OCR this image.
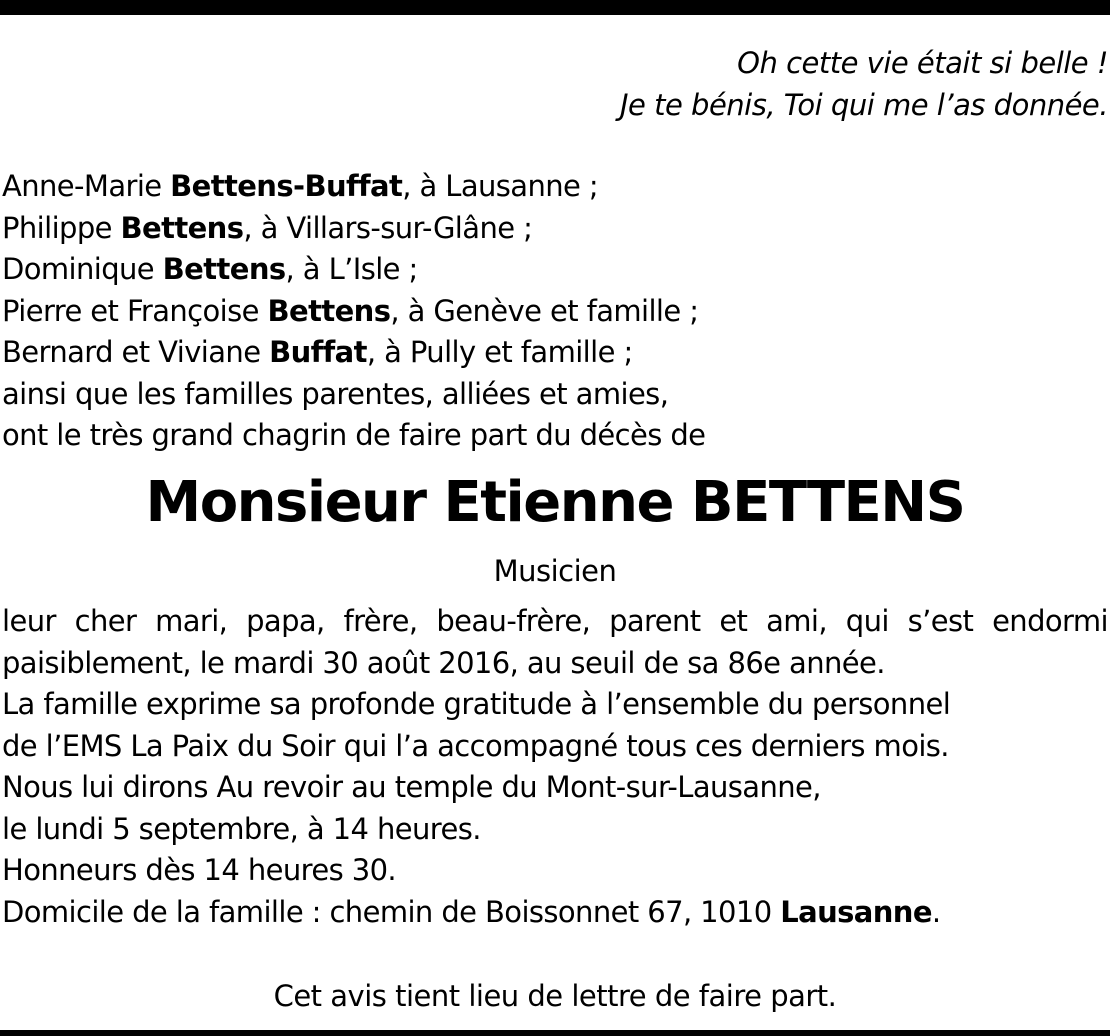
Oh cette vie était si belle !
Je te bénis, Toi qui me l’as donnée.
Anne-Marie Bettens-Buffat, à Lausanne ;
Philippe Bettens, à Villars-sur-Glâne ;
Dominique Bettens, à L’Isle ;
Pierre et Françoise Bettens, à Genève et famille ;
Bernard et Viviane Buffat, à Pully et famille ;
ainsi que les familles parentes, alliées et amies,
ont le très grand chagrin de faire part du décès de
Monsieur Etienne BETTENS
Musicien
leur cher mari, papa, frère, beau-frère, parent et ami, qui s’est endormi
paisiblement, le mardi 30 août 2016, au seuil de sa 86e année.
La famille exprime sa profonde gratitude à l’ensemble du personnel
de l’EMS La Paix du Soir qui l’a accompagné tous ces derniers mois.
Nous lui dirons Au revoir au temple du Mont-sur-Lausanne,
le lundi 5 septembre, à 14 heures.
Honneurs dès 14 heures 30.
Domicile de la famille : chemin de Boissonnet 67, 1010 Lausanne.
Cet avis tient lieu de lettre de faire part.
